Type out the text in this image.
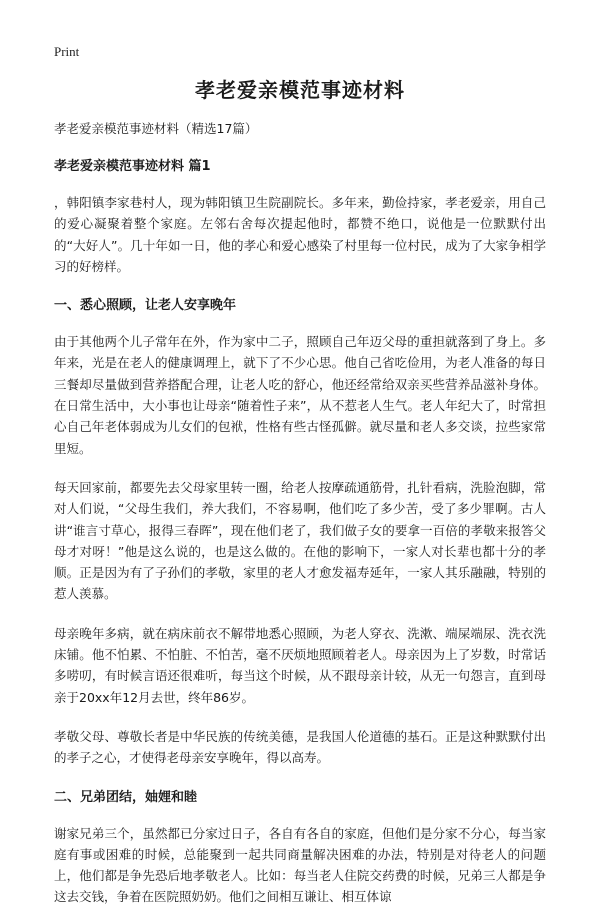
Print
孝老爱亲模范事迹材料
孝老爱亲模范事迹材料（精选17篇）
孝老爱亲模范事迹材料 篇1

，韩阳镇李家巷村人，现为韩阳镇卫生院副院长。多年来，勤俭持家，孝老爱亲，用自己的爱心凝聚着整个家庭。左邻右舍每次提起他时，都赞不绝口，说他是一位默默付出的“大好人”。几十年如一日，他的孝心和爱心感染了村里每一位村民，成为了大家争相学习的好榜样。

一、悉心照顾，让老人安享晚年

由于其他两个儿子常年在外，作为家中二子，照顾自己年迈父母的重担就落到了身上。多年来，光是在老人的健康调理上，就下了不少心思。他自己省吃俭用，为老人准备的每日三餐却尽量做到营养搭配合理，让老人吃的舒心，他还经常给双亲买些营养品滋补身体。在日常生活中，大小事也让母亲“随着性子来”，从不惹老人生气。老人年纪大了，时常担心自己年老体弱成为儿女们的包袱，性格有些古怪孤僻。就尽量和老人多交谈，拉些家常里短。

每天回家前，都要先去父母家里转一圈，给老人按摩疏通筋骨，扎针看病，洗脸泡脚，常对人们说，“父母生我们，养大我们，不容易啊，他们吃了多少苦，受了多少罪啊。古人讲“谁言寸草心，报得三春晖”，现在他们老了，我们做子女的要拿一百倍的孝敬来报答父母才对呀！”他是这么说的，也是这么做的。在他的影响下，一家人对长辈也都十分的孝顺。正是因为有了子孙们的孝敬，家里的老人才愈发福寿延年，一家人其乐融融，特别的惹人羡慕。

母亲晚年多病，就在病床前衣不解带地悉心照顾，为老人穿衣、洗漱、端屎端尿、洗衣洗床铺。他不怕累、不怕脏、不怕苦，毫不厌烦地照顾着老人。母亲因为上了岁数，时常话多唠叨，有时候言语还很难听，每当这个时候，从不跟母亲计较，从无一句怨言，直到母亲于20xx年12月去世，终年86岁。

孝敬父母、尊敬长者是中华民族的传统美德，是我国人伦道德的基石。正是这种默默付出的孝子之心，才使得老母亲安享晚年，得以高寿。

二、兄弟团结，妯娌和睦

谢家兄弟三个，虽然都已分家过日子，各自有各自的家庭，但他们是分家不分心，每当家庭有事或困难的时候，总能聚到一起共同商量解决困难的办法，特别是对待老人的问题上，他们都是争先恐后地孝敬老人。比如：每当老人住院交药费的时候，兄弟三人都是争这去交钱，争着在医院照奶奶。他们之间相互谦让、相互体谅
